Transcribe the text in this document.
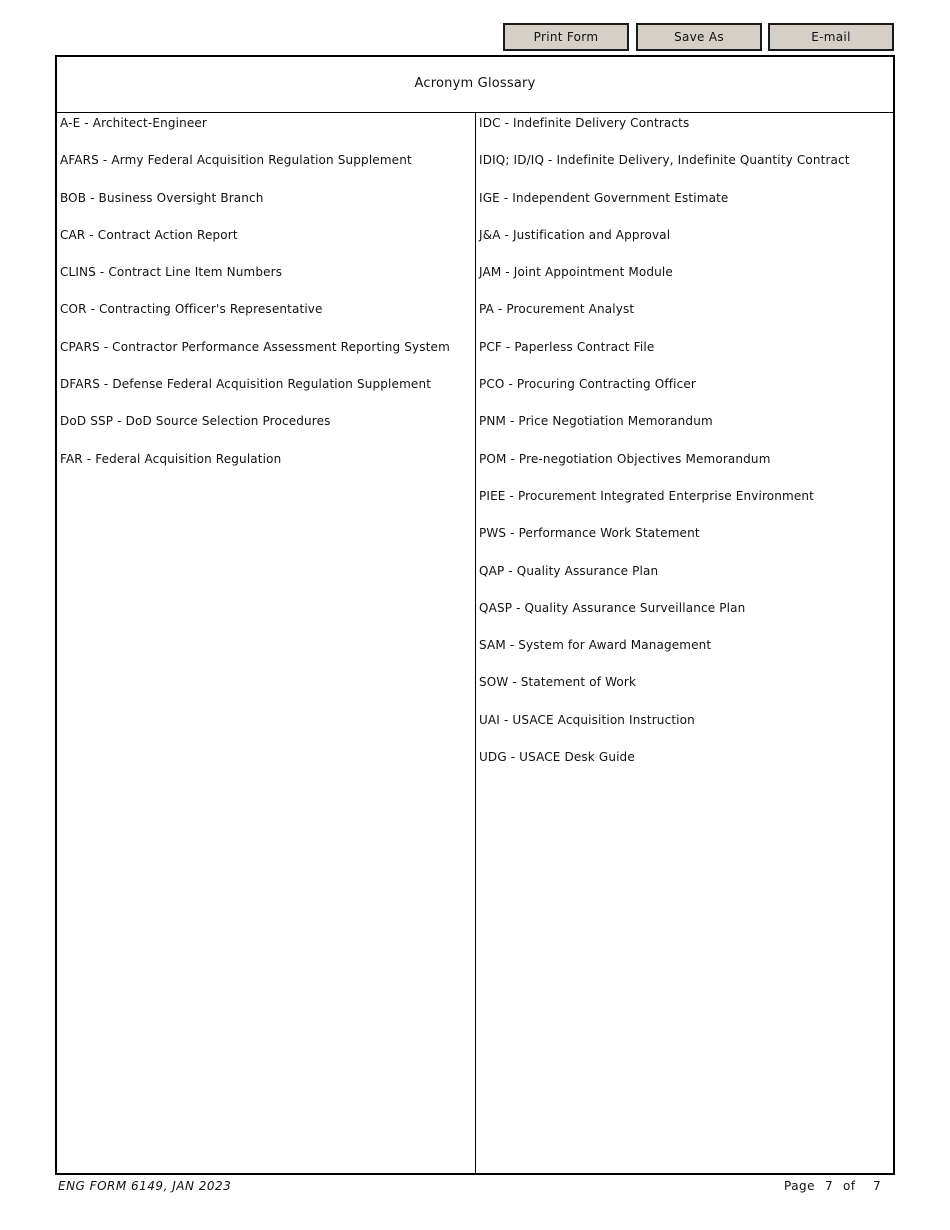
Print Form	Save As	E-mail
Acronym Glossary
A-E - Architect-Engineer
AFARS - Army Federal Acquisition Regulation Supplement
BOB - Business Oversight Branch
CAR - Contract Action Report
CLINS - Contract Line Item Numbers
COR - Contracting Officer's Representative
CPARS - Contractor Performance Assessment Reporting System
DFARS - Defense Federal Acquisition Regulation Supplement
DoD SSP - DoD Source Selection Procedures
FAR - Federal Acquisition Regulation
IDC - Indefinite Delivery Contracts
IDIQ; ID/IQ - Indefinite Delivery, Indefinite Quantity Contract
IGE - Independent Government Estimate
J&A - Justification and Approval
JAM - Joint Appointment Module
PA - Procurement Analyst
PCF - Paperless Contract File
PCO - Procuring Contracting Officer
PNM - Price Negotiation Memorandum
POM - Pre-negotiation Objectives Memorandum
PIEE - Procurement Integrated Enterprise Environment
PWS - Performance Work Statement
QAP - Quality Assurance Plan
QASP - Quality Assurance Surveillance Plan
SAM - System for Award Management
SOW - Statement of Work
UAI - USACE Acquisition Instruction
UDG - USACE Desk Guide
ENG FORM 6149, JAN 2023	Page 7 of 7
